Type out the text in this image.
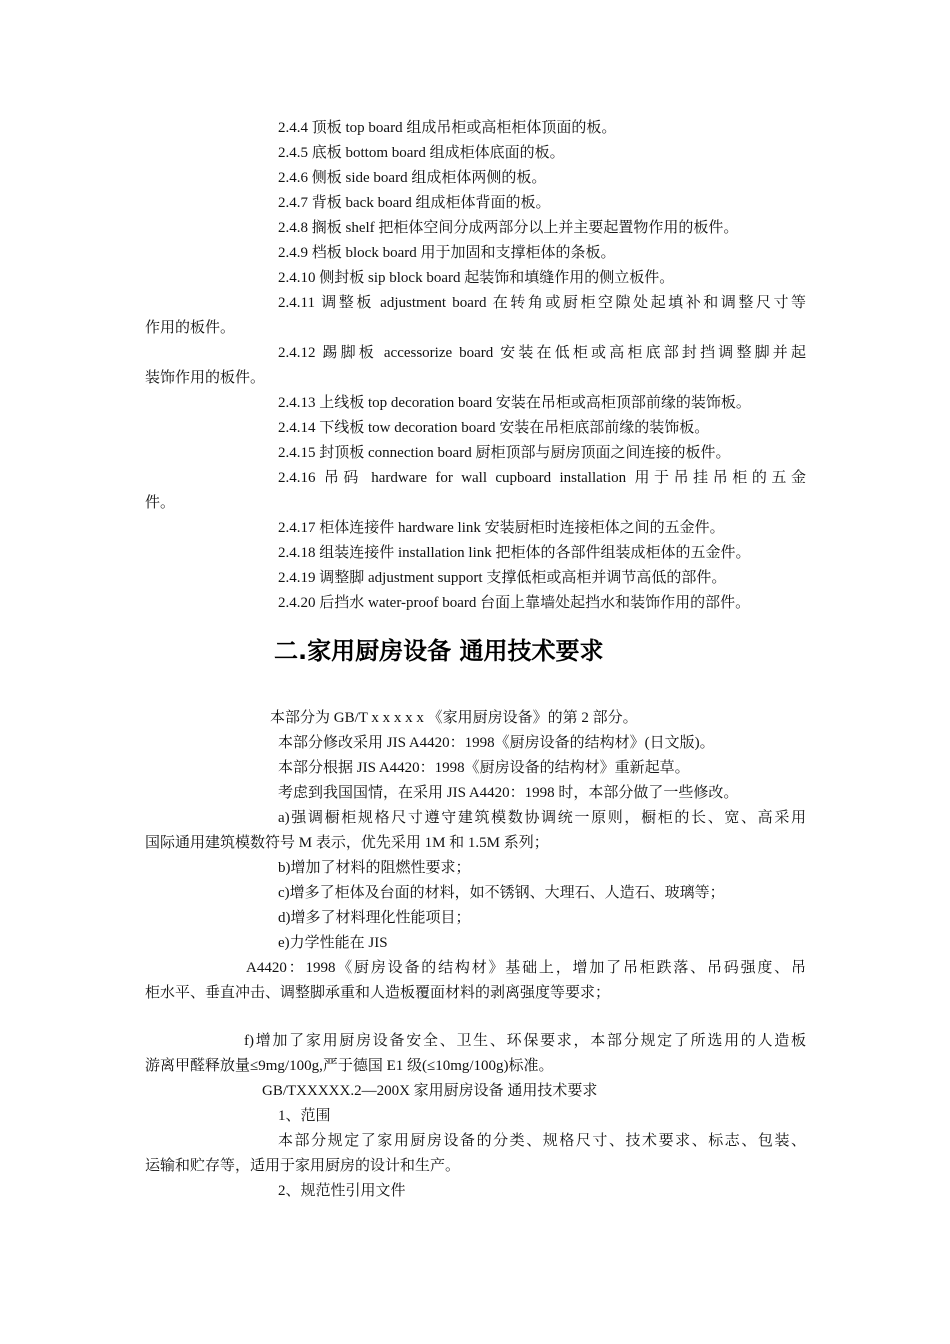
2.4.4 顶板 top board 组成吊柜或高柜柜体顶面的板。
2.4.5 底板 bottom board 组成柜体底面的板。
2.4.6 侧板 side board 组成柜体两侧的板。
2.4.7 背板 back board 组成柜体背面的板。
2.4.8 搁板 shelf 把柜体空间分成两部分以上并主要起置物作用的板件。
2.4.9 档板 block board 用于加固和支撑柜体的条板。
2.4.10 侧封板 sip block board 起装饰和填缝作用的侧立板件。
2.4.11 调整板 adjustment board 在转角或厨柜空隙处起填补和调整尺寸等
作用的板件。
2.4.12 踢脚板 accessorize board 安装在低柜或高柜底部封挡调整脚并起
装饰作用的板件。
2.4.13 上线板 top decoration board 安装在吊柜或高柜顶部前缘的装饰板。
2.4.14 下线板 tow decoration board 安装在吊柜底部前缘的装饰板。
2.4.15 封顶板 connection board 厨柜顶部与厨房顶面之间连接的板件。
2.4.16 吊码 hardware for wall cupboard installation 用于吊挂吊柜的五金
件。
2.4.17 柜体连接件 hardware link 安装厨柜时连接柜体之间的五金件。
2.4.18 组装连接件 installation link 把柜体的各部件组装成柜体的五金件。
2.4.19 调整脚 adjustment support 支撑低柜或高柜并调节高低的部件。
2.4.20 后挡水 water-proof board 台面上靠墙处起挡水和装饰作用的部件。
二.家用厨房设备 通用技术要求
本部分为 GB/T x x x x x 《家用厨房设备》的第 2 部分。
本部分修改采用 JIS A4420：1998《厨房设备的结构材》(日文版)。
本部分根据 JIS A4420：1998《厨房设备的结构材》重新起草。
考虑到我国国情，在采用 JIS A4420：1998 时，本部分做了一些修改。
a)强调橱柜规格尺寸遵守建筑模数协调统一原则，橱柜的长、宽、高采用
国际通用建筑模数符号 M 表示，优先采用 1M 和 1.5M 系列；
b)增加了材料的阻燃性要求；
c)增多了柜体及台面的材料，如不锈钢、大理石、人造石、玻璃等；
d)增多了材料理化性能项目；
e)力学性能在 JIS
A4420：1998《厨房设备的结构材》基础上，增加了吊柜跌落、吊码强度、吊
柜水平、垂直冲击、调整脚承重和人造板覆面材料的剥离强度等要求；
f)增加了家用厨房设备安全、卫生、环保要求，本部分规定了所选用的人造板
游离甲醛释放量≤9mg/100g,严于德国 E1 级(≤10mg/100g)标准。
GB/TXXXXX.2—200X 家用厨房设备 通用技术要求
1、范围
本部分规定了家用厨房设备的分类、规格尺寸、技术要求、标志、包装、
运输和贮存等，适用于家用厨房的设计和生产。
2、规范性引用文件
